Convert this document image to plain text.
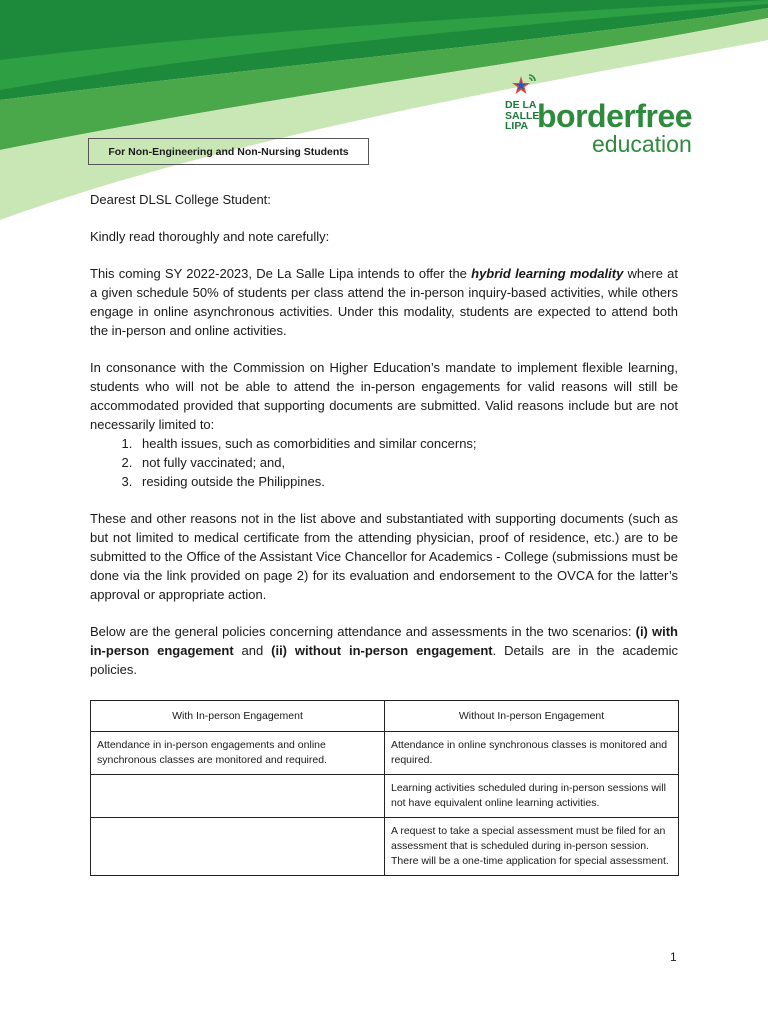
DE LA
SALLE
LIPA borderfree
education
For Non-Engineering and Non-Nursing Students

Dearest DLSL College Student:

Kindly read thoroughly and note carefully:

This coming SY 2022-2023, De La Salle Lipa intends to offer the hybrid learning modality where at a given schedule 50% of students per class attend the in-person inquiry-based activities, while others engage in online asynchronous activities. Under this modality, students are expected to attend both the in-person and online activities.

In consonance with the Commission on Higher Education’s mandate to implement flexible learning, students who will not be able to attend the in-person engagements for valid reasons will still be accommodated provided that supporting documents are submitted. Valid reasons include but are not necessarily limited to:

1. health issues, such as comorbidities and similar concerns;
2. not fully vaccinated; and,
3. residing outside the Philippines.

These and other reasons not in the list above and substantiated with supporting documents (such as but not limited to medical certificate from the attending physician, proof of residence, etc.) are to be submitted to the Office of the Assistant Vice Chancellor for Academics - College (submissions must be done via the link provided on page 2) for its evaluation and endorsement to the OVCA for the latter’s approval or appropriate action.

Below are the general policies concerning attendance and assessments in the two scenarios: (i) with in-person engagement and (ii) without in-person engagement. Details are in the academic policies.

With In-person Engagement	Without In-person Engagement
Attendance in in-person engagements and online synchronous classes are monitored and required.	Attendance in online synchronous classes is monitored and required.
	Learning activities scheduled during in-person sessions will not have equivalent online learning activities.
	A request to take a special assessment must be filed for an assessment that is scheduled during in-person session. There will be a one-time application for special assessment.
1
